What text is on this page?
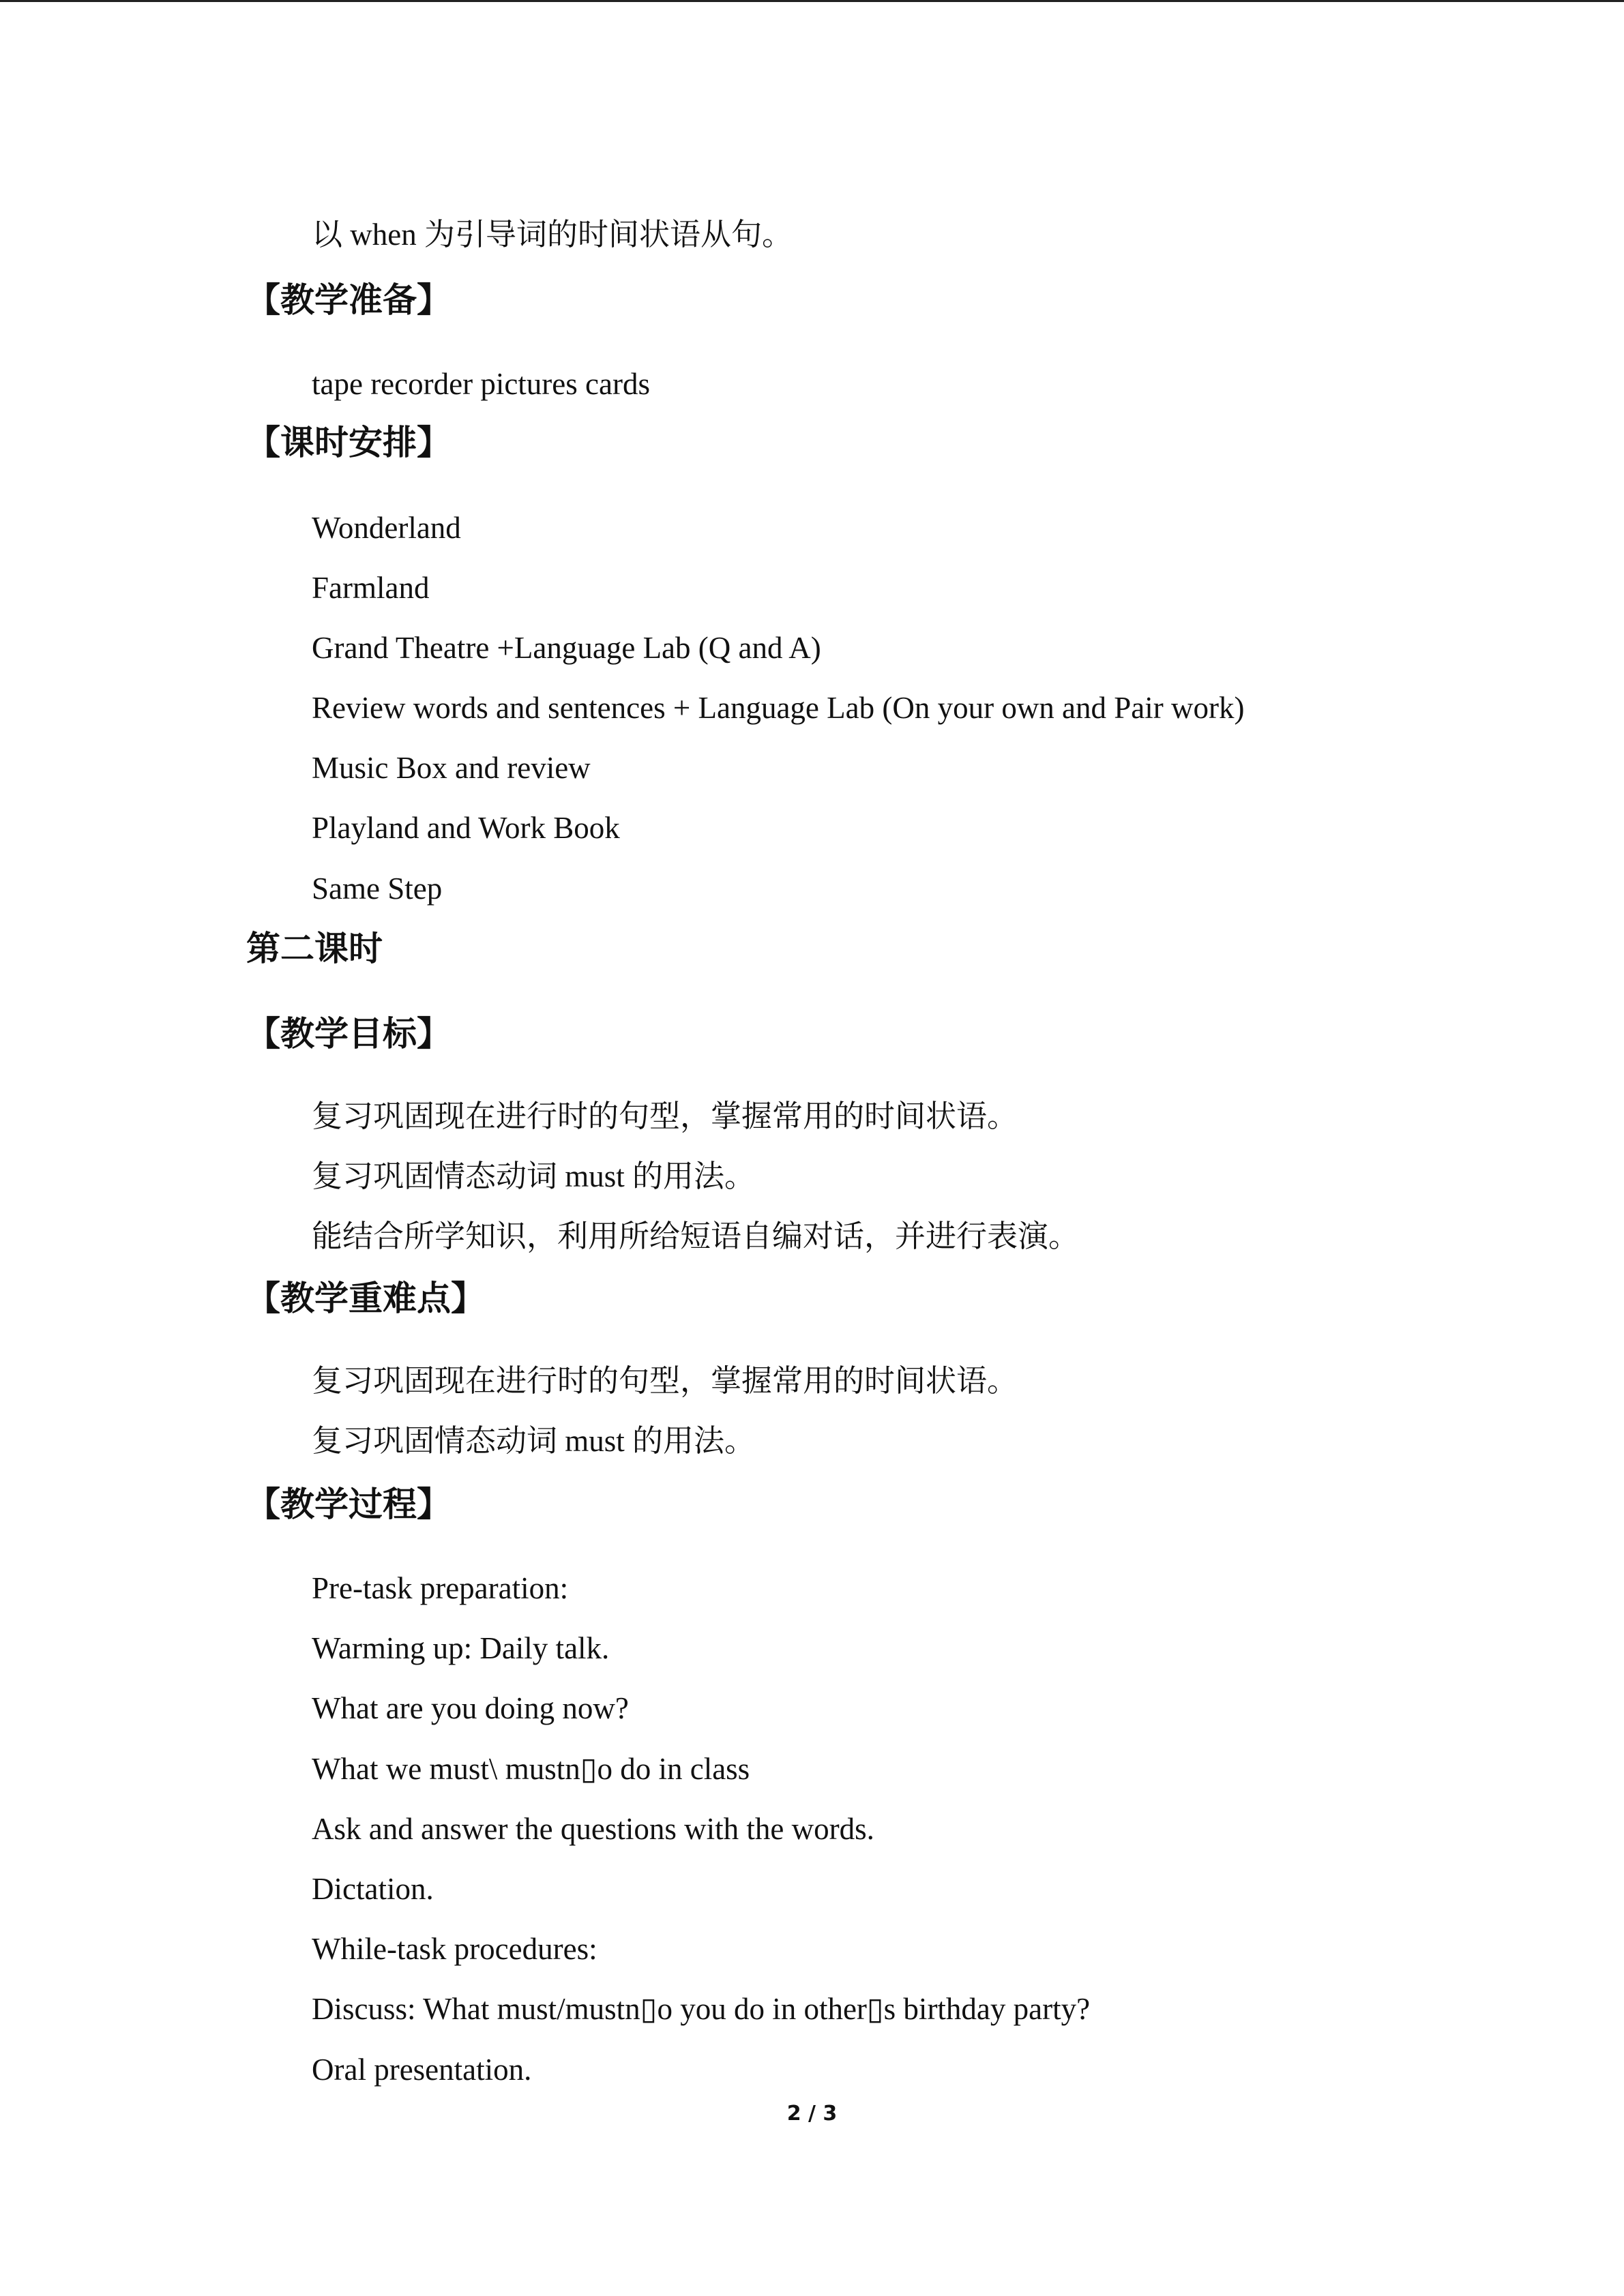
以 when 为引导词的时间状语从句。
【教学准备】
tape recorder pictures cards
【课时安排】
Wonderland
Farmland
Grand Theatre +Language Lab (Q and A)
Review words and sentences + Language Lab (On your own and Pair work)
Music Box and review
Playland and Work Book
Same Step
第二课时
【教学目标】
复习巩固现在进行时的句型，掌握常用的时间状语。
复习巩固情态动词 must 的用法。
能结合所学知识，利用所给短语自编对话，并进行表演。
【教学重难点】
复习巩固现在进行时的句型，掌握常用的时间状语。
复习巩固情态动词 must 的用法。
【教学过程】
Pre-task preparation:
Warming up: Daily talk.
What are you doing now?
What we must\ mustn▯o do in class
Ask and answer the questions with the words.
Dictation.
While-task procedures:
Discuss: What must/mustn▯o you do in other▯s birthday party?
Oral presentation.
2 / 3
